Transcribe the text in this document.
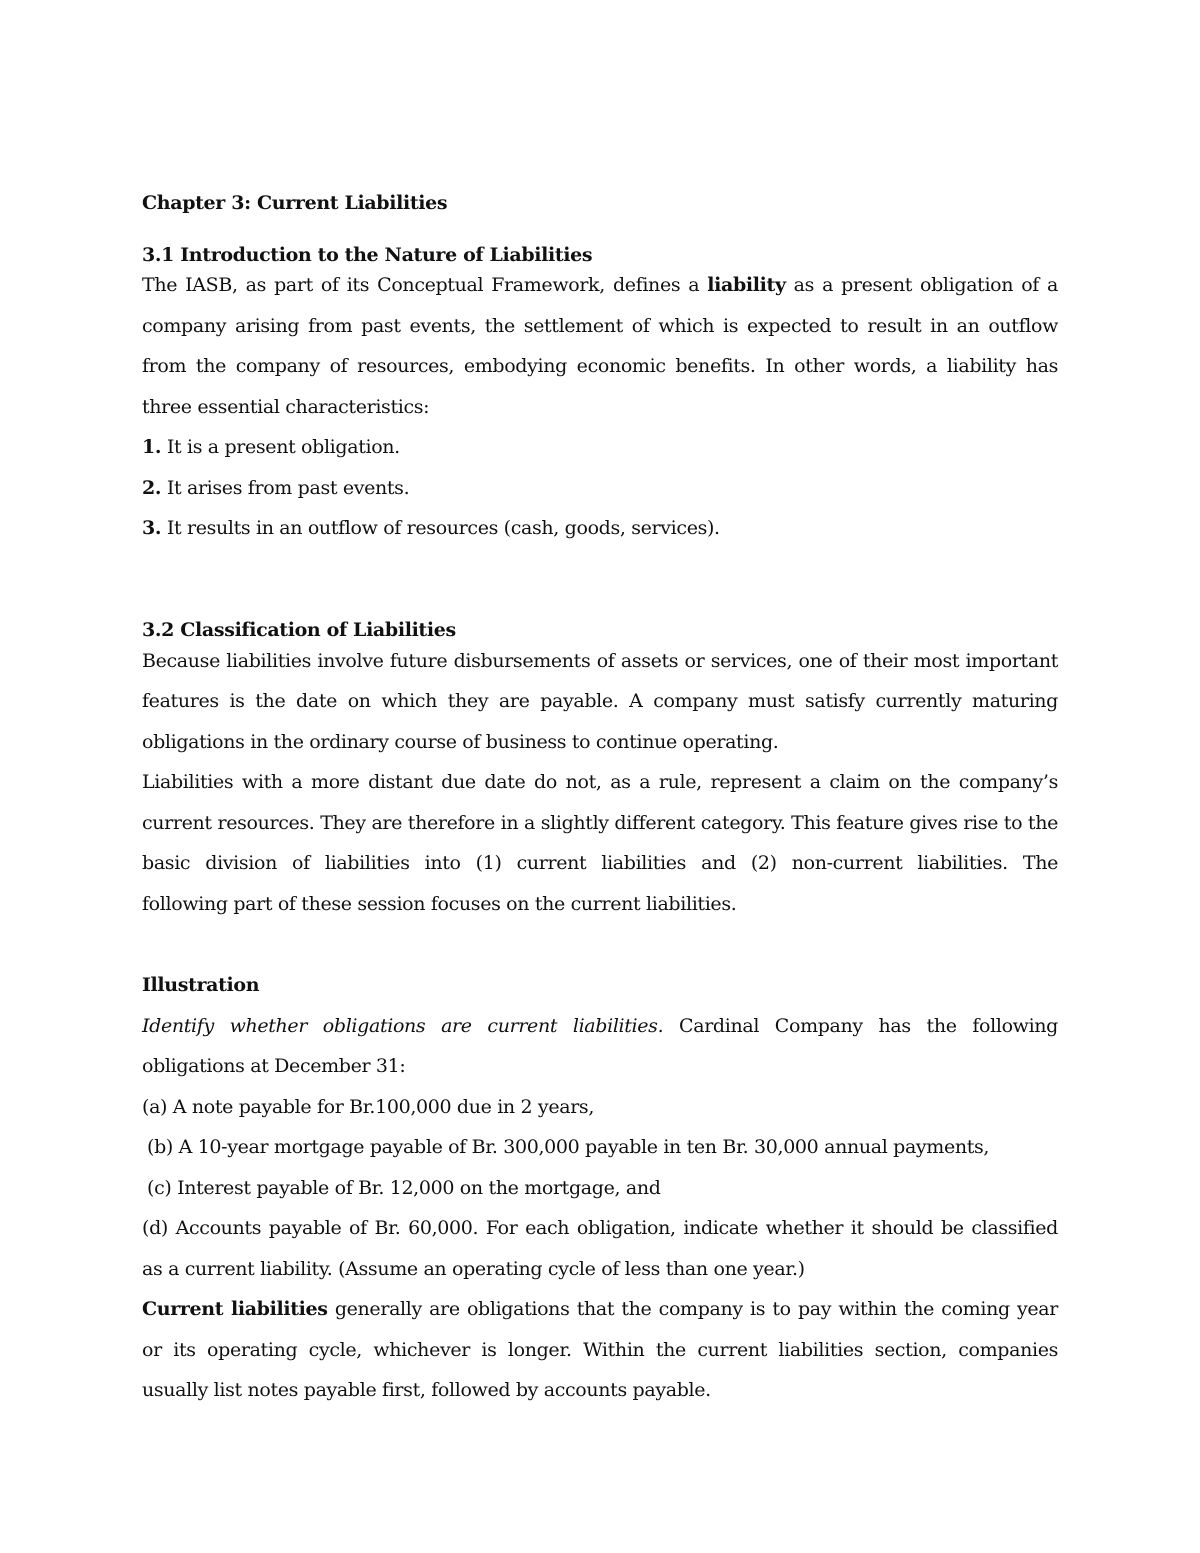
Chapter 3: Current Liabilities
3.1 Introduction to the Nature of Liabilities
The IASB, as part of its Conceptual Framework, defines a liability as a present obligation of a
company arising from past events, the settlement of which is expected to result in an outflow
from the company of resources, embodying economic benefits. In other words, a liability has
three essential characteristics:
1. It is a present obligation.
2. It arises from past events.
3. It results in an outflow of resources (cash, goods, services).
3.2 Classification of Liabilities
Because liabilities involve future disbursements of assets or services, one of their most important
features is the date on which they are payable. A company must satisfy currently maturing
obligations in the ordinary course of business to continue operating.
Liabilities with a more distant due date do not, as a rule, represent a claim on the company’s
current resources. They are therefore in a slightly different category. This feature gives rise to the
basic division of liabilities into (1) current liabilities and (2) non-current liabilities. The
following part of these session focuses on the current liabilities.
Illustration
Identify whether obligations are current liabilities. Cardinal Company has the following
obligations at December 31:
(a) A note payable for Br.100,000 due in 2 years,
(b) A 10-year mortgage payable of Br. 300,000 payable in ten Br. 30,000 annual payments,
(c) Interest payable of Br. 12,000 on the mortgage, and
(d) Accounts payable of Br. 60,000. For each obligation, indicate whether it should be classified
as a current liability. (Assume an operating cycle of less than one year.)
Current liabilities generally are obligations that the company is to pay within the coming year
or its operating cycle, whichever is longer. Within the current liabilities section, companies
usually list notes payable first, followed by accounts payable.
